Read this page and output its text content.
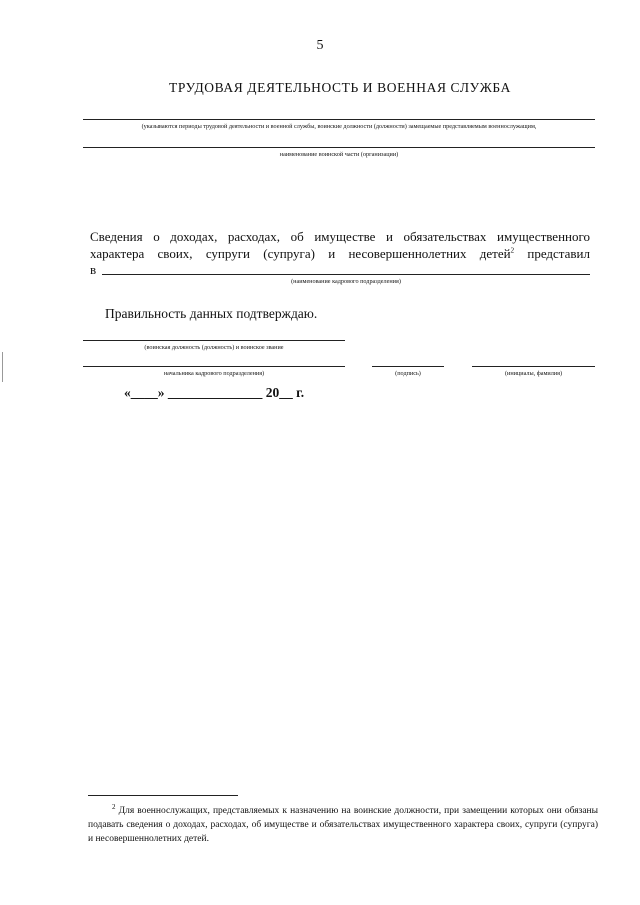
5
ТРУДОВАЯ ДЕЯТЕЛЬНОСТЬ И ВОЕННАЯ СЛУЖБА
(указываются периоды трудовой деятельности и военной службы, воинские должности (должности) замещаемые представляемым военнослужащим,
наименование воинской части (организации)
Сведения о доходах, расходах, об имуществе и обязательствах имущественного
характера своих, супруги (супруга) и несовершеннолетних детей$^2$ представил
в
(наименование кадрового подразделения)
Правильность данных подтверждаю.
(воинская должность (должность) и воинское звание
начальника кадрового подразделения)	(подпись)	(инициалы, фамилия)
«____» ______________ 20__ г.
$^2$ Для военнослужащих, представляемых к назначению на воинские должности, при замещении которых они обязаны подавать сведения о доходах, расходах, об имуществе и обязательствах имущественного характера своих, супруги (супруга) и несовершеннолетних детей.
